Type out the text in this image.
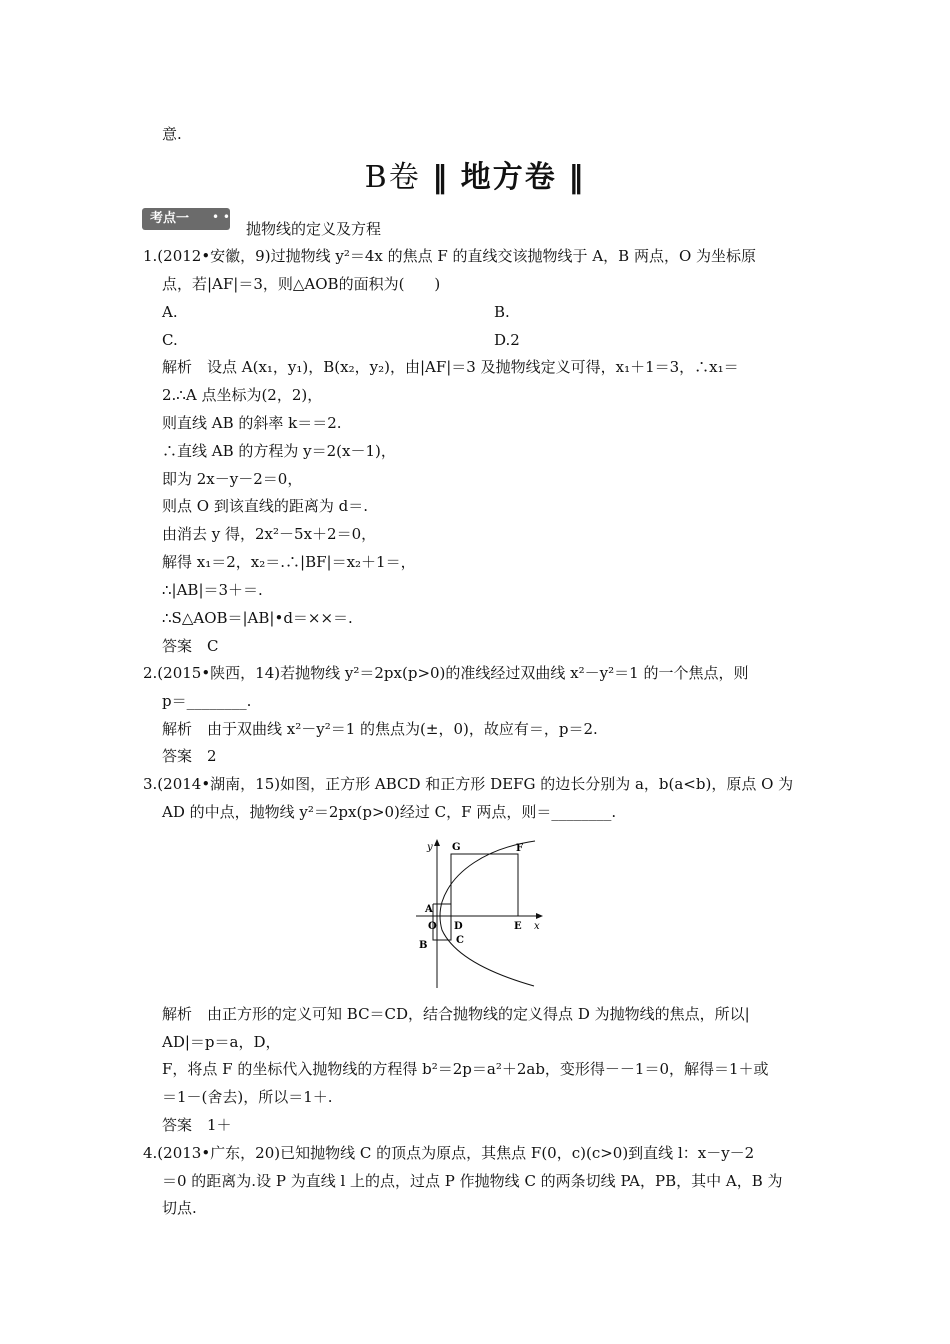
意.
B卷 ‖ 地方卷 ‖
考点一	• •
抛物线的定义及方程
1.(2012•安徽，9)过抛物线 y²＝4x 的焦点 F 的直线交该抛物线于 A，B 两点，O 为坐标原
点，若|AF|＝3，则△AOB的面积为(　　)
A.	B.
C.	D.2
解析　设点 A(x₁，y₁)，B(x₂，y₂)，由|AF|＝3 及抛物线定义可得，x₁＋1＝3，∴x₁＝
2.∴A 点坐标为(2，2)，
则直线 AB 的斜率 k＝＝2.
∴直线 AB 的方程为 y＝2(x－1)，
即为 2x－y－2＝0，
则点 O 到该直线的距离为 d＝.
由消去 y 得，2x²－5x＋2＝0，
解得 x₁＝2，x₂＝.∴|BF|＝x₂＋1＝，
∴|AB|＝3＋＝.
∴S△AOB＝|AB|•d＝××＝.
答案　C
2.(2015•陕西，14)若抛物线 y²＝2px(p>0)的准线经过双曲线 x²－y²＝1 的一个焦点，则
p＝________.
解析　由于双曲线 x²－y²＝1 的焦点为(±，0)，故应有＝，p＝2.
答案　2
3.(2014•湖南，15)如图，正方形 ABCD 和正方形 DEFG 的边长分别为 a，b(a<b)，原点 O 为
AD 的中点，抛物线 y²＝2px(p>0)经过 C，F 两点，则＝________.
y
x
G	F
A
O D	E
B	C
解析　由正方形的定义可知 BC＝CD，结合抛物线的定义得点 D 为抛物线的焦点，所以|
AD|＝p＝a，D，
F，将点 F 的坐标代入抛物线的方程得 b²＝2p＝a²＋2ab，变形得－－1＝0，解得＝1＋或
＝1－(舍去)，所以＝1＋.
答案　1＋
4.(2013•广东，20)已知抛物线 C 的顶点为原点，其焦点 F(0，c)(c>0)到直线 l：x－y－2
＝0 的距离为.设 P 为直线 l 上的点，过点 P 作抛物线 C 的两条切线 PA，PB，其中 A，B 为
切点.
